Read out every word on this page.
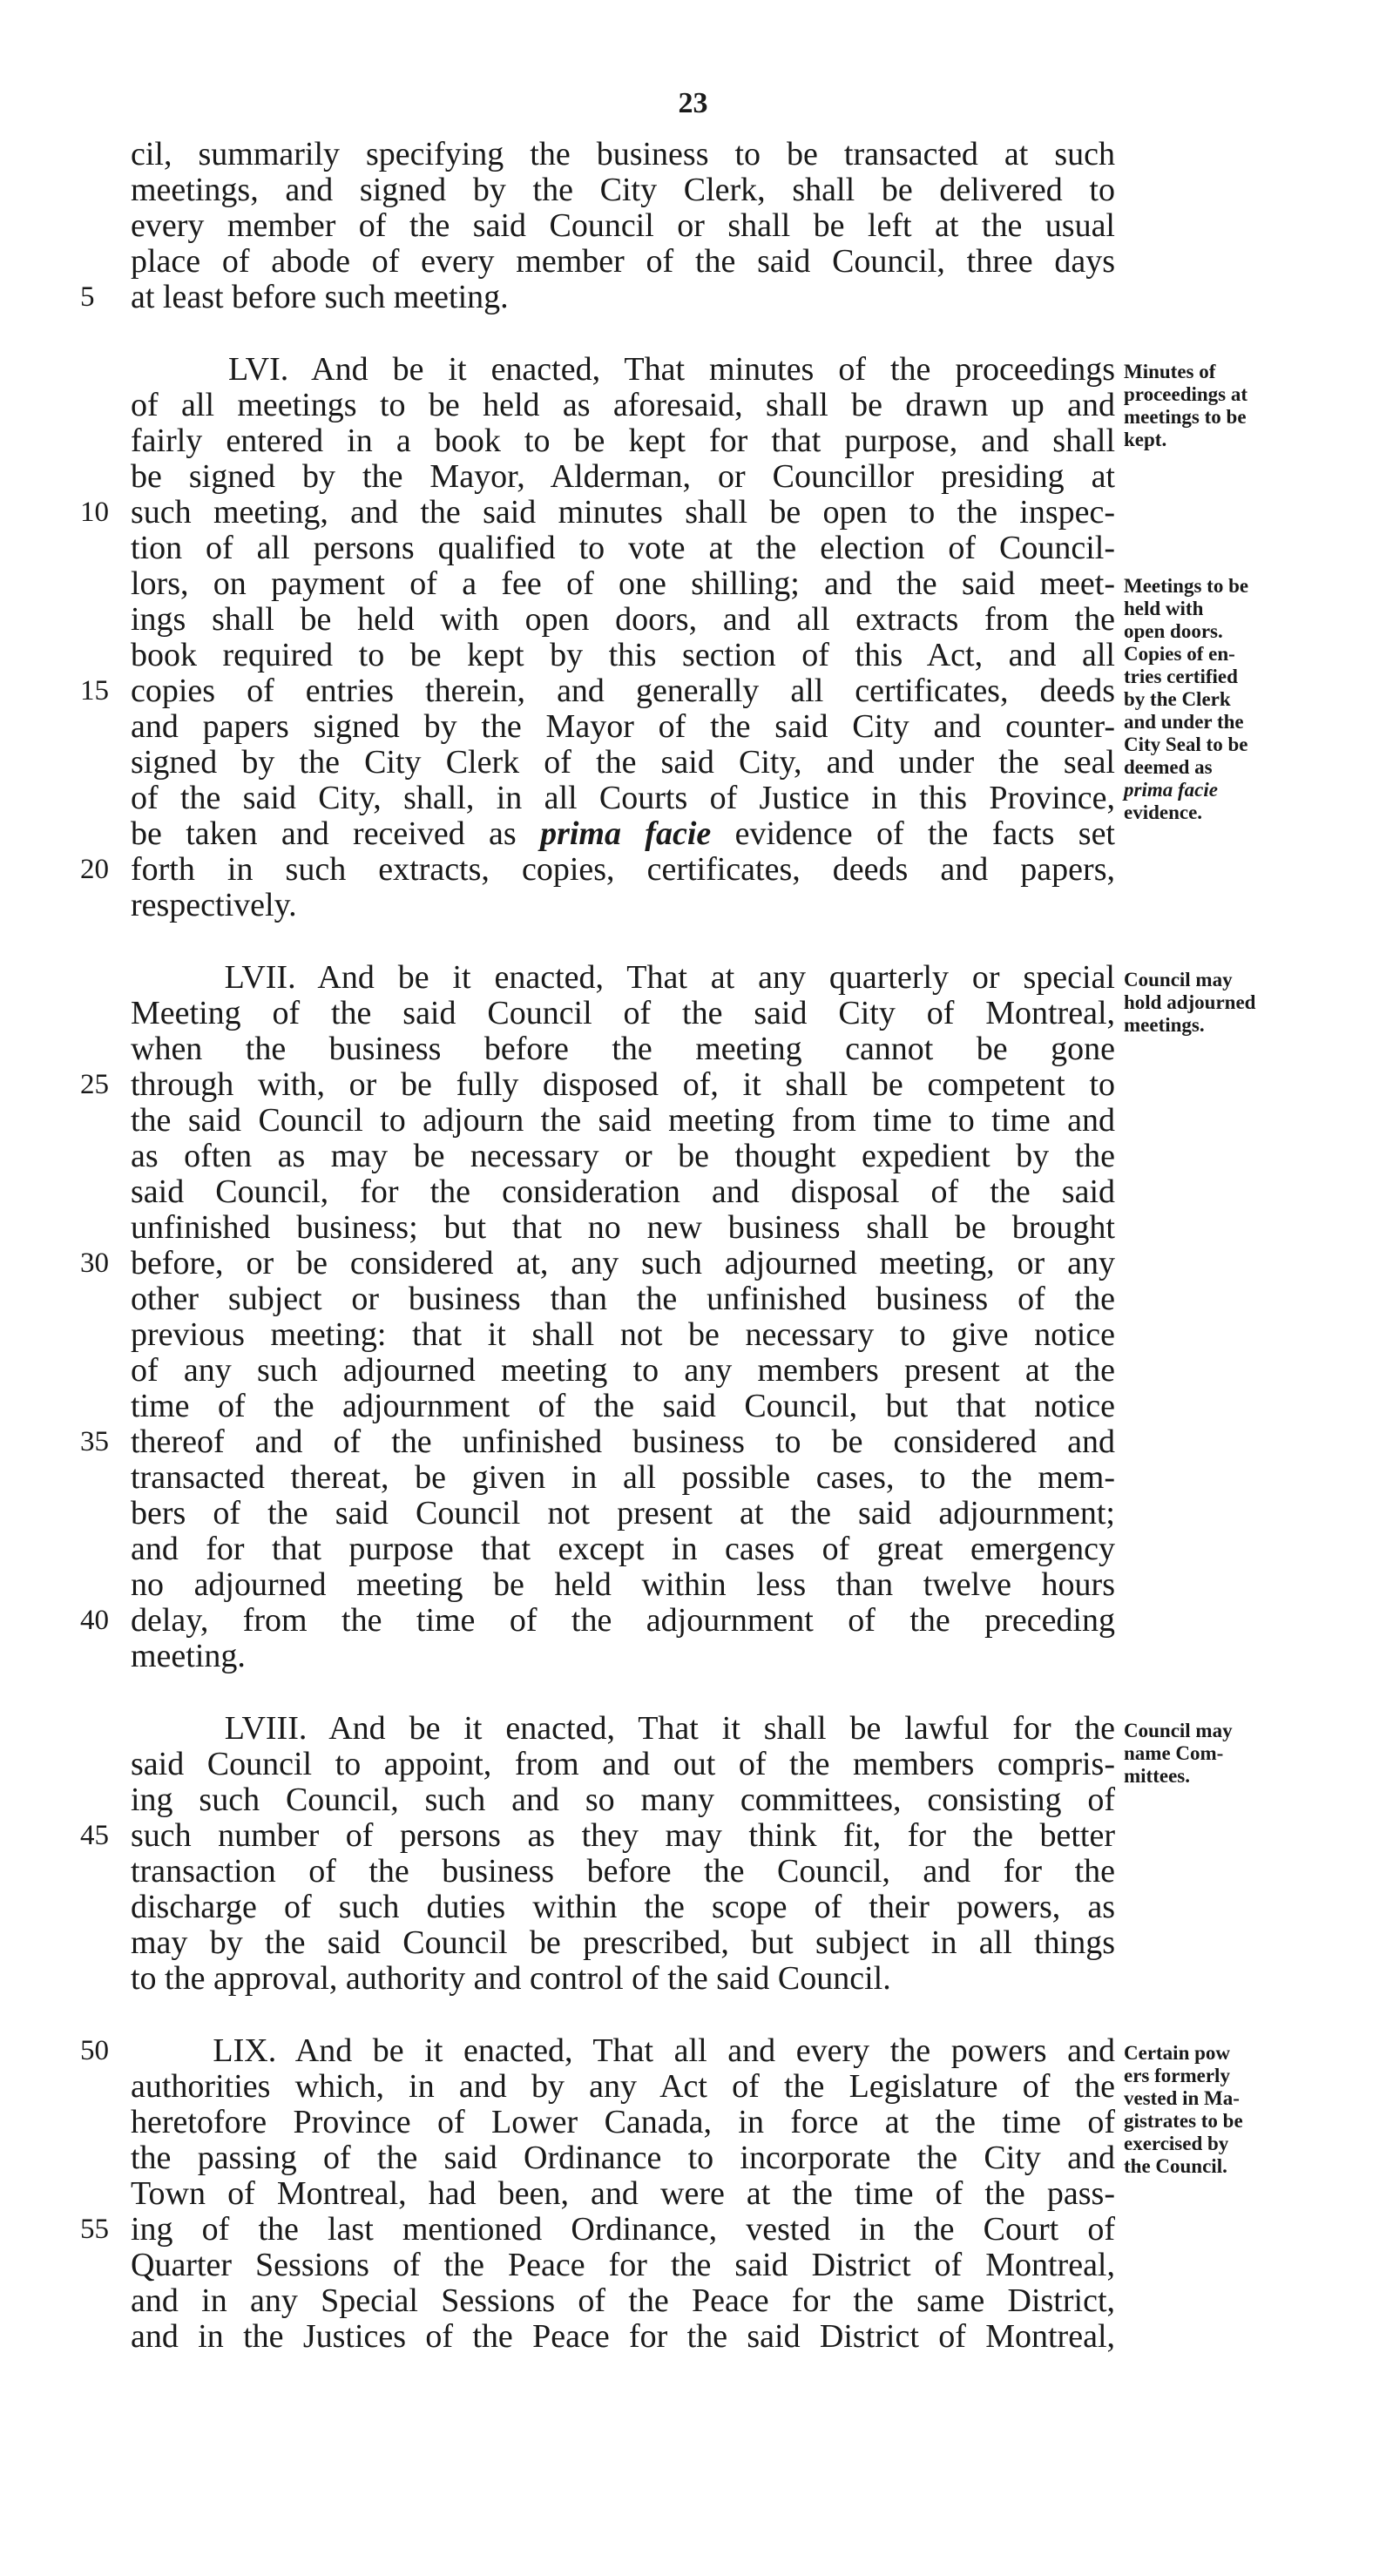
23
cil, summarily specifying the business to be transacted at such
meetings, and signed by the City Clerk, shall be delivered to
every member of the said Council or shall be left at the usual
place of abode of every member of the said Council, three days
at least before such meeting.
LVI. And be it enacted, That minutes of the proceedings
of all meetings to be held as aforesaid, shall be drawn up and
fairly entered in a book to be kept for that purpose, and shall
be signed by the Mayor, Alderman, or Councillor presiding at
such meeting, and the said minutes shall be open to the inspec-
tion of all persons qualified to vote at the election of Council-
lors, on payment of a fee of one shilling; and the said meet-
ings shall be held with open doors, and all extracts from the
book required to be kept by this section of this Act, and all
copies of entries therein, and generally all certificates, deeds
and papers signed by the Mayor of the said City and counter-
signed by the City Clerk of the said City, and under the seal
of the said City, shall, in all Courts of Justice in this Province,
be taken and received as prima facie evidence of the facts set
forth in such extracts, copies, certificates, deeds and papers,
respectively.
LVII. And be it enacted, That at any quarterly or special
Meeting of the said Council of the said City of Montreal,
when the business before the meeting cannot be gone
through with, or be fully disposed of, it shall be competent to
the said Council to adjourn the said meeting from time to time and
as often as may be necessary or be thought expedient by the
said Council, for the consideration and disposal of the said
unfinished business; but that no new business shall be brought
before, or be considered at, any such adjourned meeting, or any
other subject or business than the unfinished business of the
previous meeting: that it shall not be necessary to give notice
of any such adjourned meeting to any members present at the
time of the adjournment of the said Council, but that notice
thereof and of the unfinished business to be considered and
transacted thereat, be given in all possible cases, to the mem-
bers of the said Council not present at the said adjournment;
and for that purpose that except in cases of great emergency
no adjourned meeting be held within less than twelve hours
delay, from the time of the adjournment of the preceding
meeting.
LVIII. And be it enacted, That it shall be lawful for the
said Council to appoint, from and out of the members compris-
ing such Council, such and so many committees, consisting of
such number of persons as they may think fit, for the better
transaction of the business before the Council, and for the
discharge of such duties within the scope of their powers, as
may by the said Council be prescribed, but subject in all things
to the approval, authority and control of the said Council.
LIX. And be it enacted, That all and every the powers and
authorities which, in and by any Act of the Legislature of the
heretofore Province of Lower Canada, in force at the time of
the passing of the said Ordinance to incorporate the City and
Town of Montreal, had been, and were at the time of the pass-
ing of the last mentioned Ordinance, vested in the Court of
Quarter Sessions of the Peace for the said District of Montreal,
and in any Special Sessions of the Peace for the same District,
and in the Justices of the Peace for the said District of Montreal,
5
10
15
20
25
30
35
40
45
50
55
Minutes of
proceedings at
meetings to be
kept.
Meetings to be
held with
open doors.
Copies of en-
tries certified
by the Clerk
and under the
City Seal to be
deemed as
prima facie
evidence.
Council may
hold adjourned
meetings.
Council may
name Com-
mittees.
Certain pow
ers formerly
vested in Ma-
gistrates to be
exercised by
the Council.
